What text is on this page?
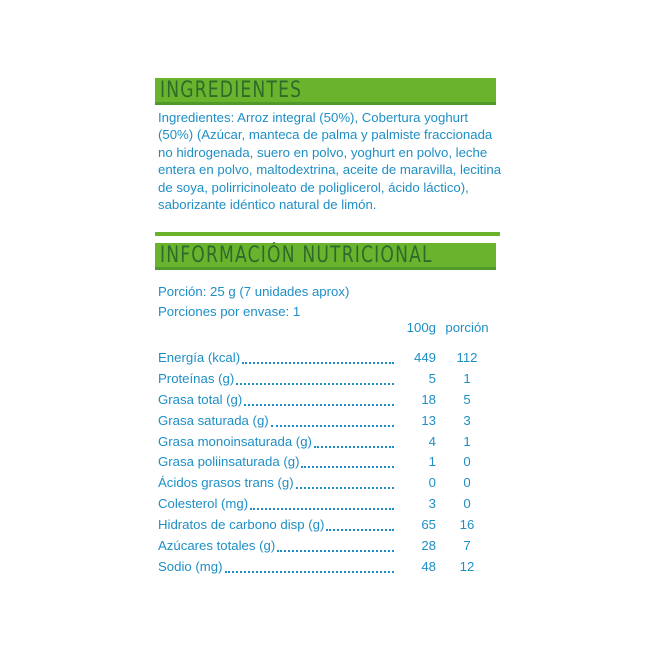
INGREDIENTES
Ingredientes: Arroz integral (50%), Cobertura yoghurt (50%) (Azúcar, manteca de palma y palmiste fraccionada no hidrogenada, suero en polvo, yoghurt en polvo, leche entera en polvo, maltodextrina, aceite de maravilla, lecitina de soya, polirricinoleato de poliglicerol, ácido láctico), saborizante idéntico natural de limón.
INFORMACIÓN NUTRICIONAL
Porción: 25 g (7 unidades aprox)
Porciones por envase: 1
100g porción
Energía (kcal)	449	112
Proteínas (g)	5	1
Grasa total (g)	18	5
Grasa saturada (g)	13	3
Grasa monoinsaturada (g)	4	1
Grasa poliinsaturada (g)	1	0
Ácidos grasos trans (g)	0	0
Colesterol (mg)	3	0
Hidratos de carbono disp (g)	65	16
Azúcares totales (g)	28	7
Sodio (mg)	48	12
